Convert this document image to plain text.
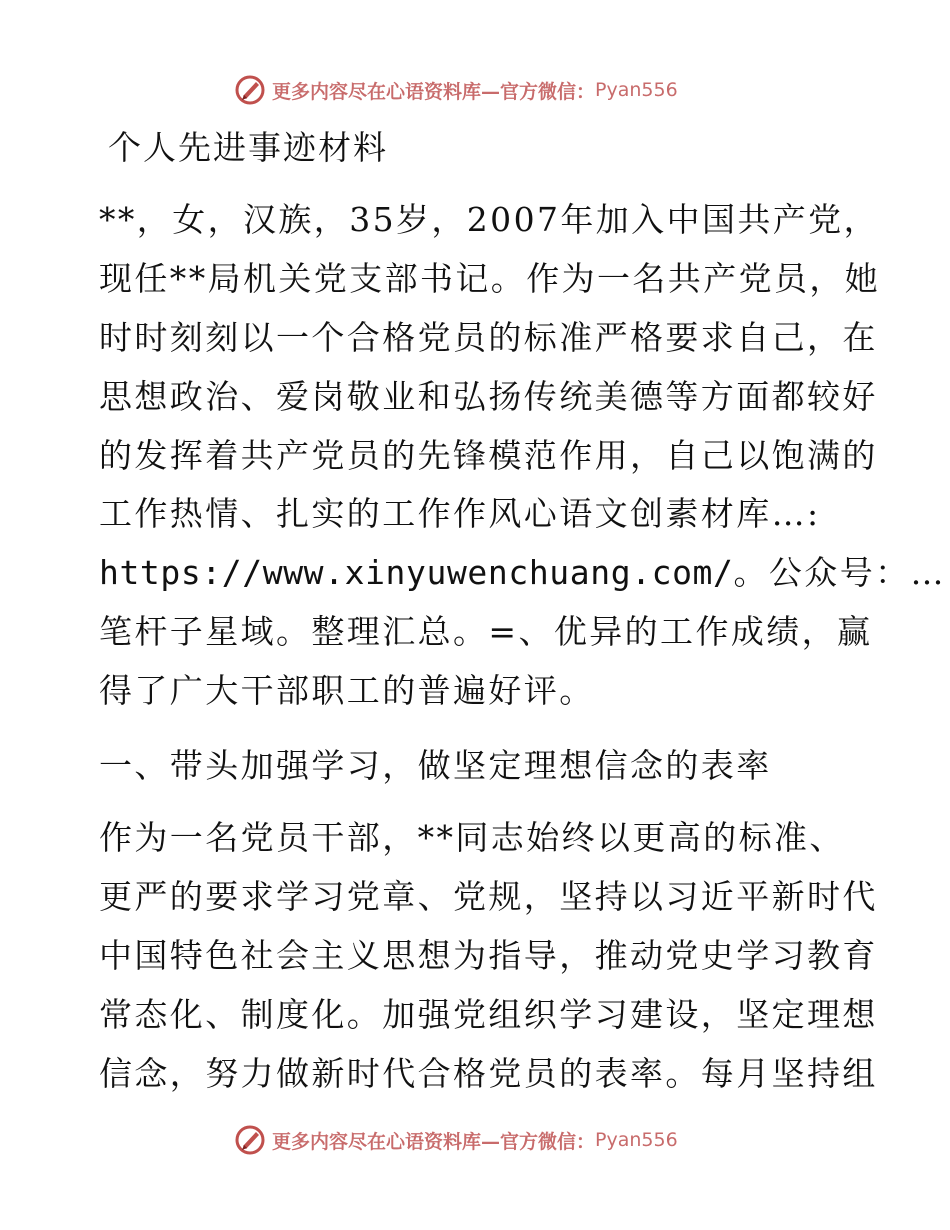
更多内容尽在心语资料库—官方微信： Pyan556
个人先进事迹材料

**，女，汉族，35岁，2007年加入中国共产党，

现任**局机关党支部书记。作为一名共产党员，她

时时刻刻以一个合格党员的标准严格要求自己，在

思想政治、爱岗敬业和弘扬传统美德等方面都较好

的发挥着共产党员的先锋模范作用，自己以饱满的

工作热情、扎实的工作作风心语文创素材库…:

https://www.xinyuwenchuang.com/。公众号：…

笔杆子星域。整理汇总。=、优异的工作成绩，赢

得了广大干部职工的普遍好评。

一、带头加强学习，做坚定理想信念的表率

作为一名党员干部，**同志始终以更高的标准、

更严的要求学习党章、党规，坚持以习近平新时代

中国特色社会主义思想为指导，推动党史学习教育

常态化、制度化。加强党组织学习建设，坚定理想

信念，努力做新时代合格党员的表率。每月坚持组

更多内容尽在心语资料库—官方微信： Pyan556
